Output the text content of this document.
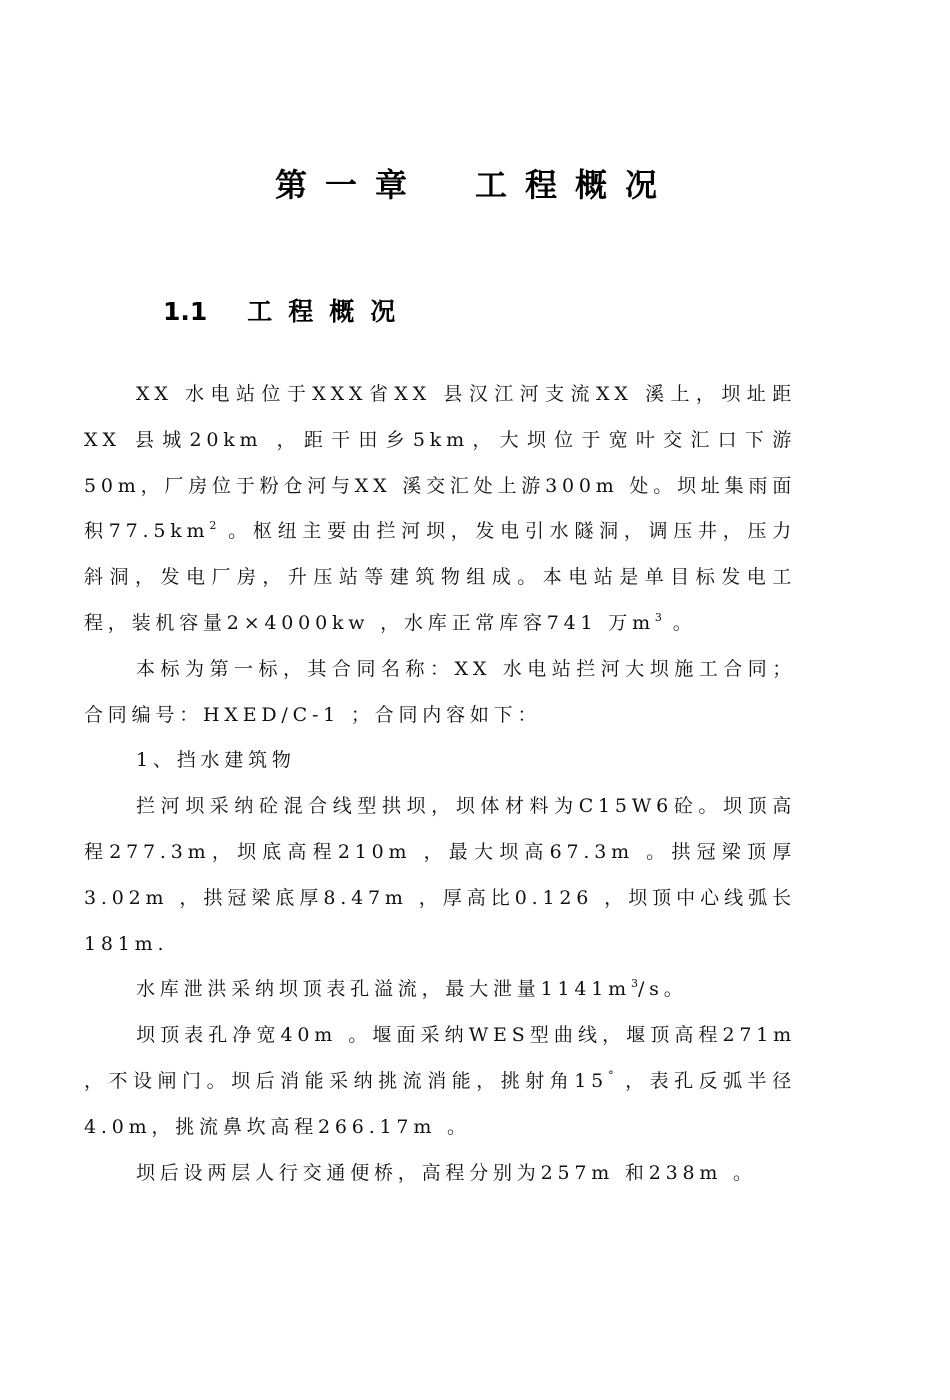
第一章　工程概况
1.1 工程概况

XX 水电站位于XXX省XX 县汉江河支流XX 溪上，坝址距XX 县城20km ，距干田乡5km，大坝位于宽叶交汇口下游50m，厂房位于粉仓河与XX 溪交汇处上游300m 处。坝址集雨面积$77.5km^2$ 。枢纽主要由拦河坝，发电引水隧洞，调压井，压力斜洞，发电厂房，升压站等建筑物组成。本电站是单目标发电工程，装机容量2×4000kw ，水库正常库容741 万$m^3$ 。

本标为第一标，其合同名称：XX 水电站拦河大坝施工合同；合同编号：HXED/C-1 ；合同内容如下：

1、挡水建筑物

拦河坝采纳砼混合线型拱坝，坝体材料为C15W6砼。坝顶高程277.3m，坝底高程210m ，最大坝高67.3m 。拱冠梁顶厚3.02m ，拱冠梁底厚8.47m ，厚高比0.126 ，坝顶中心线弧长181m.

水库泄洪采纳坝顶表孔溢流，最大泄量$1141m^3/s$。

坝顶表孔净宽40m 。堰面采纳WES型曲线，堰顶高程271m ，不设闸门。坝后消能采纳挑流消能，挑射角15° ，表孔反弧半径4.0m，挑流鼻坎高程266.17m 。

坝后设两层人行交通便桥，高程分别为257m 和238m 。
